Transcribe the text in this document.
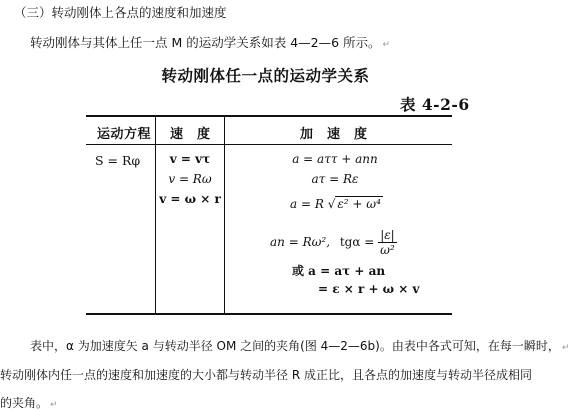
（三）转动刚体上各点的速度和加速度
转动刚体与其体上任一点 M 的运动学关系如表 4—2—6 所示。 ↵
转动刚体任一点的运动学关系
表 4-2-6
运动方程 速　度	加　速　度
S = Rφ	v = vτ
v = Rω
v = ω × r
a = aττ + ann
aτ = Rε
a = R √ ε² + ω⁴
an = Rω², $tg\alpha = \frac{|\varepsilon|}{\text{ω²}}$
或 a = aτ + an
= ε × r + ω × v
表中，α 为加速度矢 a 与转动半径 OM 之间的夹角(图 4—2—6b)。由表中各式可知，在每一瞬时， ↵
转动刚体内任一点的速度和加速度的大小都与转动半径 R 成正比，且各点的加速度与转动半径成相同
的夹角。 ↵
